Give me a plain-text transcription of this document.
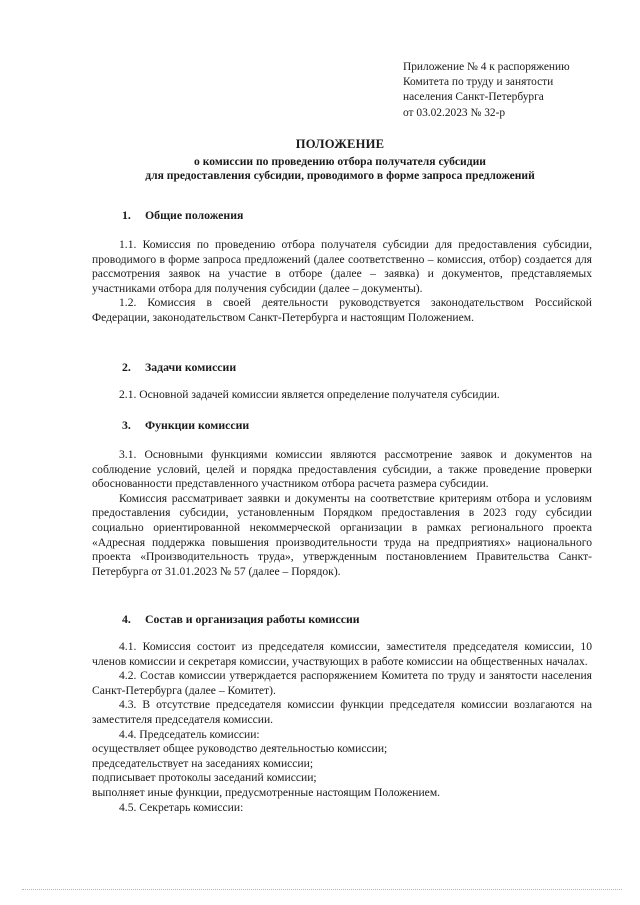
Приложение № 4 к распоряжению
Комитета по труду и занятости
населения Санкт-Петербурга
от 03.02.2023 № 32-р
ПОЛОЖЕНИЕ
о комиссии по проведению отбора получателя субсидии
для предоставления субсидии, проводимого в форме запроса предложений
1. Общие положения

1.1. Комиссия по проведению отбора получателя субсидии для предоставления субсидии, проводимого в форме запроса предложений (далее соответственно – комиссия, отбор) создается для рассмотрения заявок на участие в отборе (далее – заявка) и документов, представляемых участниками отбора для получения субсидии (далее – документы).

1.2. Комиссия в своей деятельности руководствуется законодательством Российской Федерации, законодательством Санкт-Петербурга и настоящим Положением.

2. Задачи комиссии

2.1. Основной задачей комиссии является определение получателя субсидии.

3. Функции комиссии

3.1. Основными функциями комиссии являются рассмотрение заявок и документов на соблюдение условий, целей и порядка предоставления субсидии, а также проведение проверки обоснованности представленного участником отбора расчета размера субсидии.

Комиссия рассматривает заявки и документы на соответствие критериям отбора и условиям предоставления субсидии, установленным Порядком предоставления в 2023 году субсидии социально ориентированной некоммерческой организации в рамках регионального проекта «Адресная поддержка повышения производительности труда на предприятиях» национального проекта «Производительность труда», утвержденным постановлением Правительства Санкт-Петербурга от 31.01.2023 № 57 (далее – Порядок).

4. Состав и организация работы комиссии

4.1. Комиссия состоит из председателя комиссии, заместителя председателя комиссии, 10 членов комиссии и секретаря комиссии, участвующих в работе комиссии на общественных началах.

4.2. Состав комиссии утверждается распоряжением Комитета по труду и занятости населения Санкт-Петербурга (далее – Комитет).

4.3. В отсутствие председателя комиссии функции председателя комиссии возлагаются на заместителя председателя комиссии.

4.4. Председатель комиссии:
осуществляет общее руководство деятельностью комиссии;
председательствует на заседаниях комиссии;
подписывает протоколы заседаний комиссии;
выполняет иные функции, предусмотренные настоящим Положением.
4.5. Секретарь комиссии:
